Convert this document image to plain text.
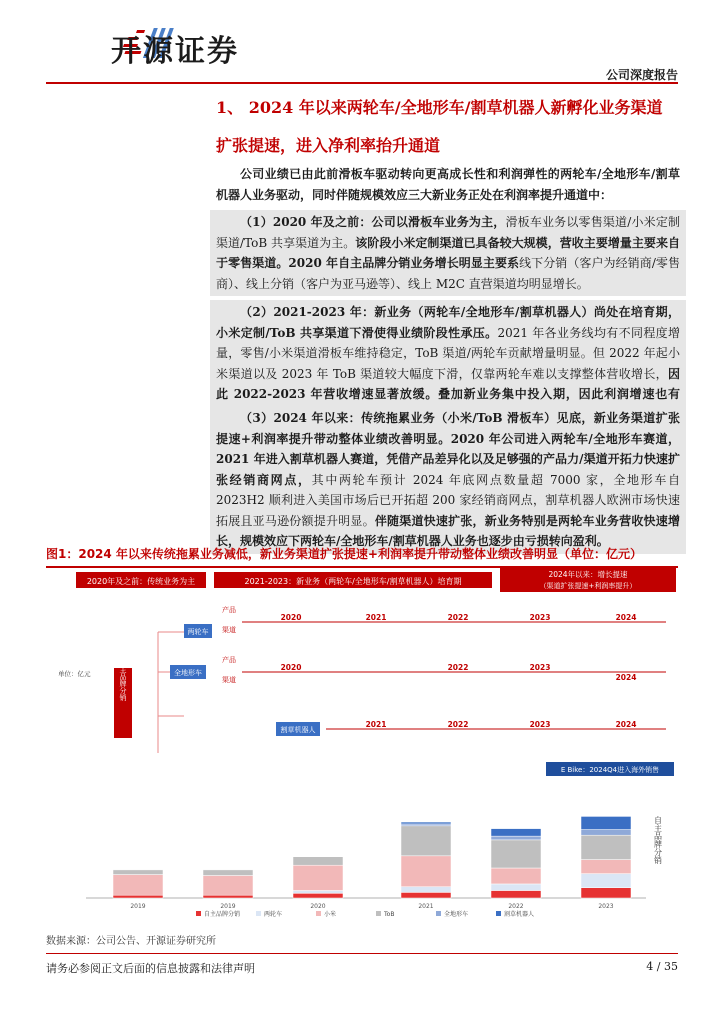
开源证券
公司深度报告
1、 2024 年以来两轮车/全地形车/割草机器人新孵化业务渠道
扩张提速，进入净利率抬升通道

公司业绩已由此前滑板车驱动转向更高成长性和利润弹性的两轮车/全地形车/割草机器人业务驱动，同时伴随规模效应三大新业务正处在利润率提升通道中：

（1）2020 年及之前：公司以滑板车业务为主，滑板车业务以零售渠道/小米定制渠道/ToB 共享渠道为主。该阶段小米定制渠道已具备较大规模，营收主要增量主要来自于零售渠道。2020 年自主品牌分销业务增长明显主要系线下分销（客户为经销商/零售商）、线上分销（客户为亚马逊等）、线上 M2C 直营渠道均明显增长。

（2）2021-2023 年：新业务（两轮车/全地形车/割草机器人）尚处在培育期，小米定制/ToB 共享渠道下滑使得业绩阶段性承压。2021 年各业务线均有不同程度增量，零售/小米渠道滑板车维持稳定，ToB 渠道/两轮车贡献增量明显。但 2022 年起小米渠道以及 2023 年 ToB 渠道较大幅度下滑，仅靠两轮车难以支撑整体营收增长，因此 2022-2023 年营收增速显著放缓。叠加新业务集中投入期，因此利润增速也有

（3）2024 年以来：传统拖累业务（小米/ToB 滑板车）见底，新业务渠道扩张提速+利润率提升带动整体业绩改善明显。2020 年公司进入两轮车/全地形车赛道，2021 年进入割草机器人赛道，凭借产品差异化以及足够强的产品力/渠道开拓力快速扩张经销商网点，其中两轮车预计 2024 年底网点数量超 7000 家，全地形车自 2023H2 顺利进入美国市场后已开拓超 200 家经销商网点，割草机器人欧洲市场快速拓展且亚马逊份额提升明显。伴随渠道快速扩张，新业务特别是两轮车业务营收快速增长，规模效应下两轮车/全地形车/割草机器人业务也逐步由亏损转向盈利。

图1：2024 年以来传统拖累业务减低，新业务渠道扩张提速+利润率提升带动整体业绩改善明显（单位：亿元）
2020年及之前：传统业务为主	2021-2023：新业务（两轮车/全地形车/割草机器人）培育期
2024年以来：增长提速
（渠道扩张提速+利润率提升）
两轮车
全地形车
割草机器人
产品
渠道
产品
渠道
2020	2021	2022	2023	2024
2020	2022	2023
2024
2021	2022	2023	2024
自主品牌分销
单位：亿元
2019	2019	2020	2021	2022	2023
E Bike：2024Q4进入海外销售
自主品牌分销
自主品牌分销	两轮车	小米	ToB	全地形车	割草机器人
数据来源：公司公告、开源证券研究所
请务必参阅正文后面的信息披露和法律声明	4 / 35
